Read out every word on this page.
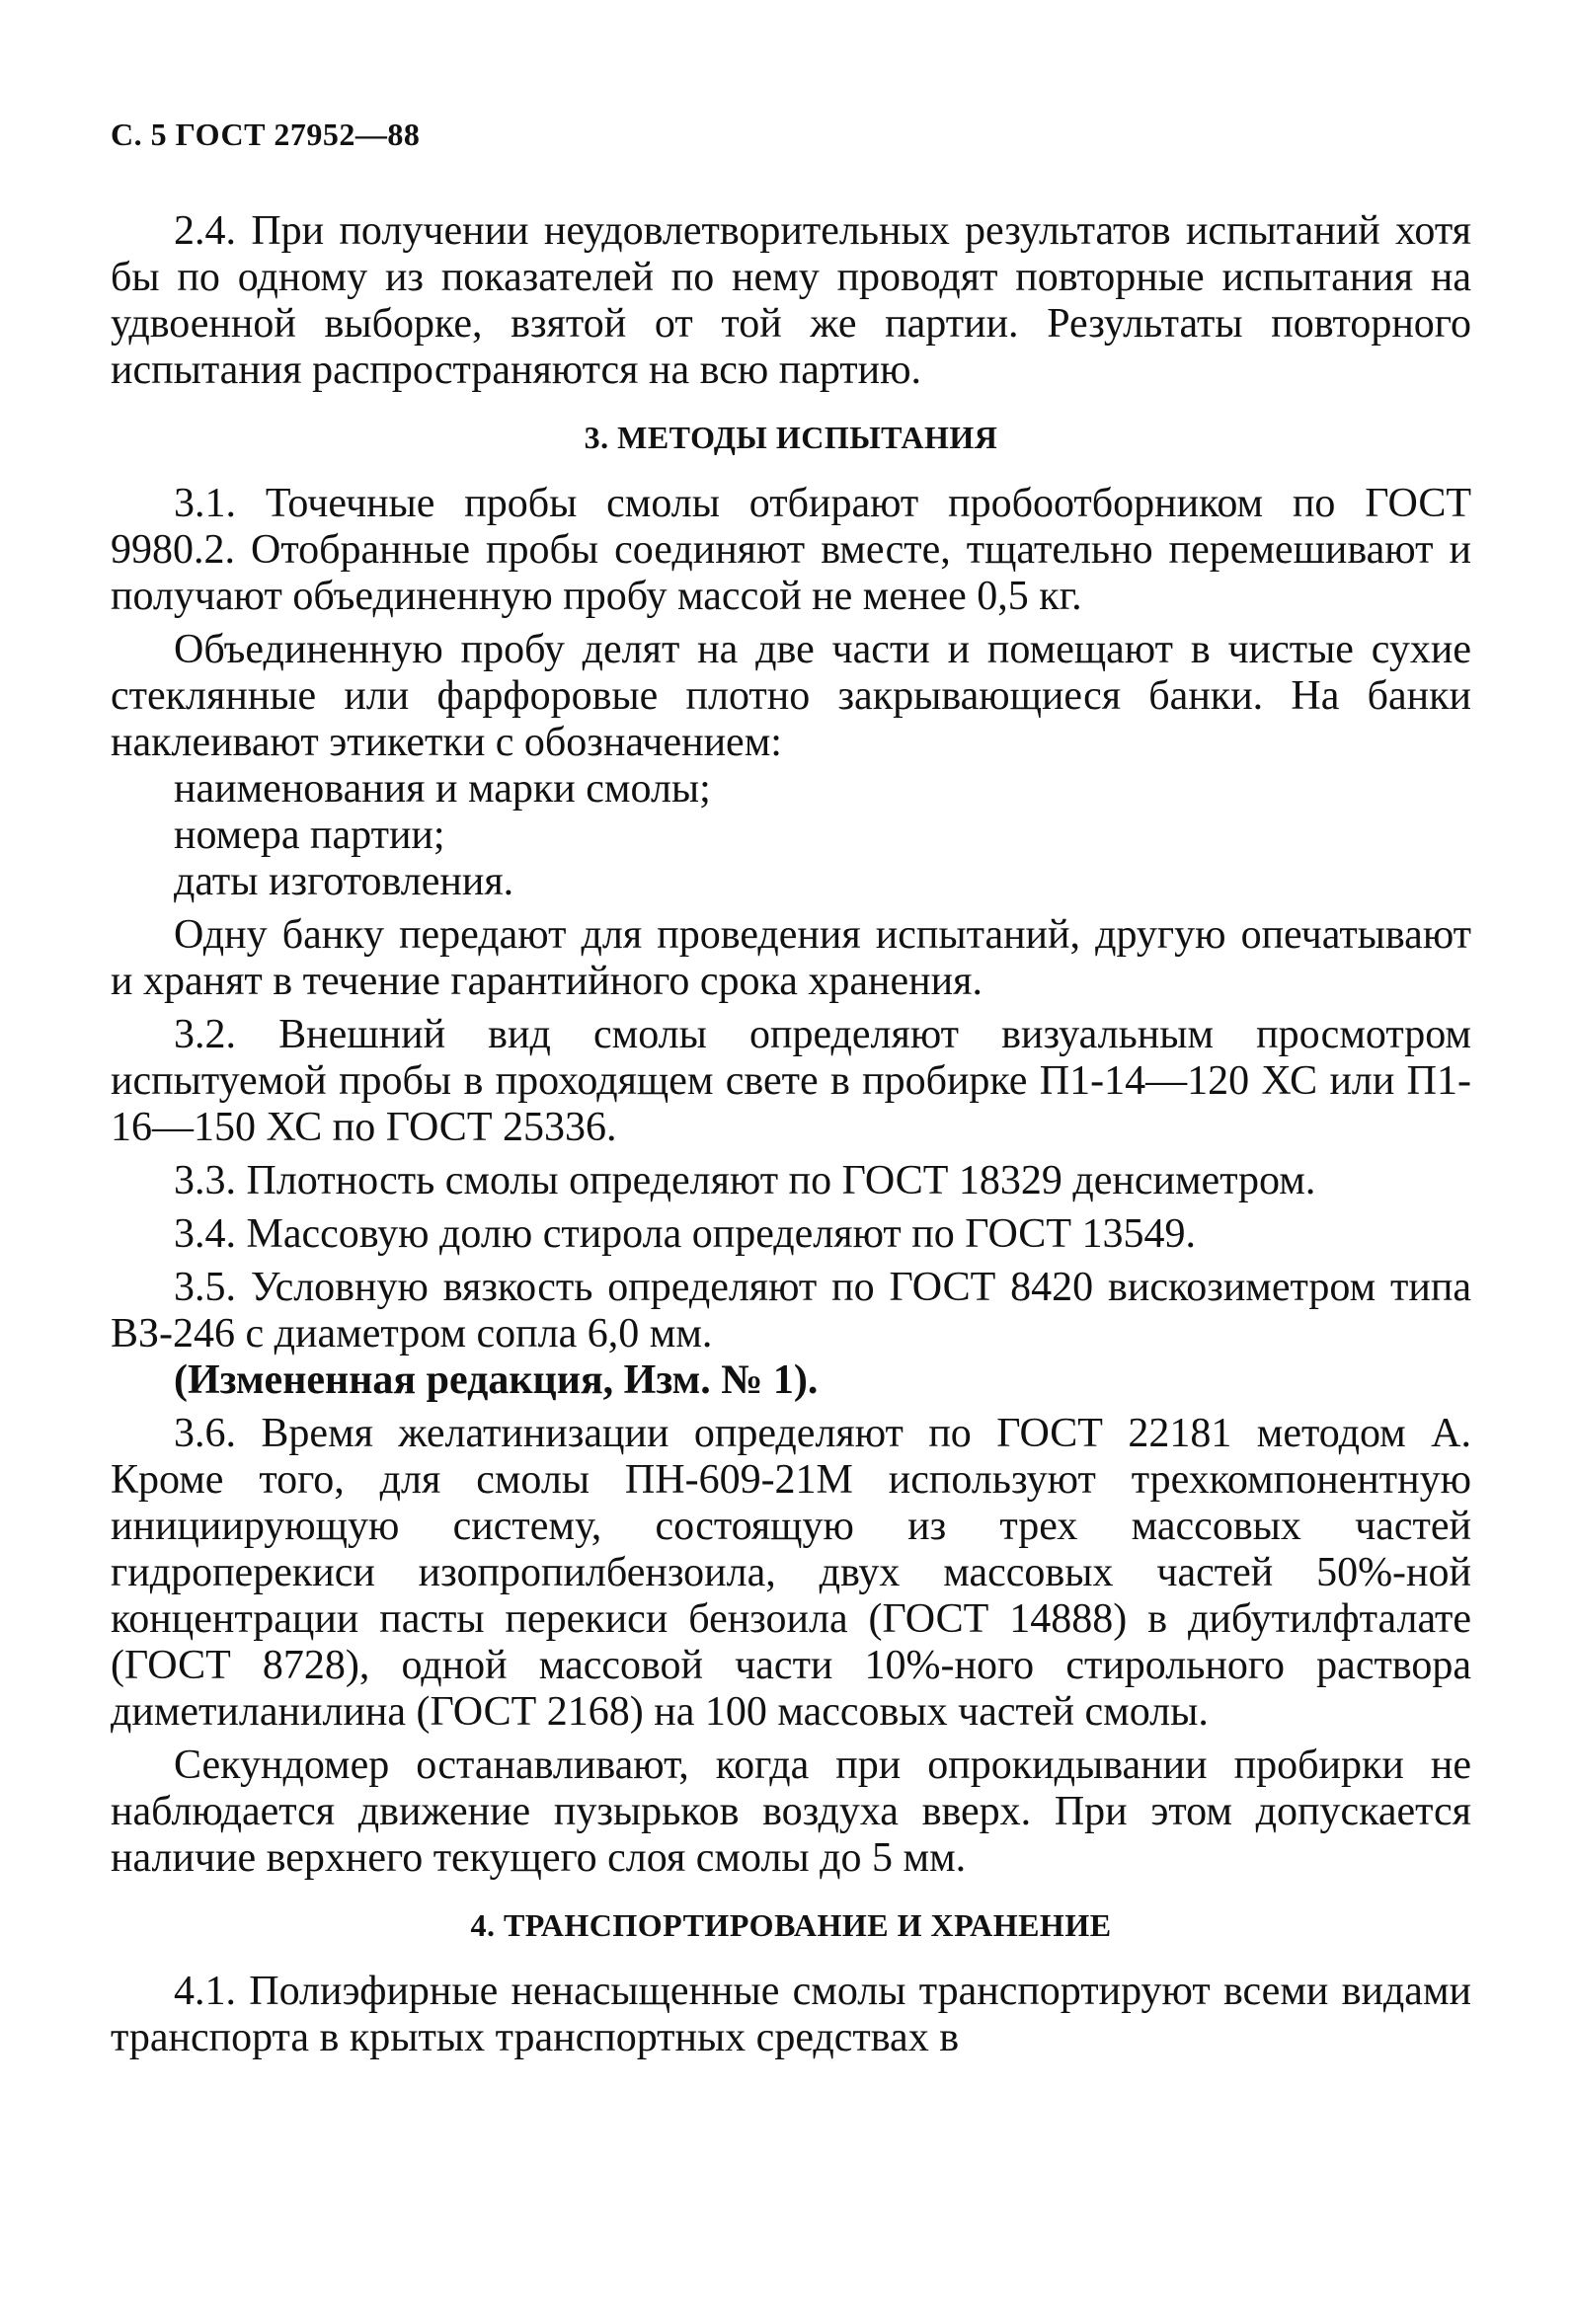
С. 5 ГОСТ 27952—88

2.4. При получении неудовлетворительных результатов испытаний хотя бы по одному из показателей по нему проводят повторные испытания на удвоенной выборке, взятой от той же партии. Результаты повторного испытания распространяются на всю партию.

3. МЕТОДЫ ИСПЫТАНИЯ

3.1. Точечные пробы смолы отбирают пробоотборником по ГОСТ 9980.2. Отобранные пробы соединяют вместе, тщательно перемешивают и получают объединенную пробу массой не менее 0,5 кг.

Объединенную пробу делят на две части и помещают в чистые сухие стеклянные или фарфоровые плотно закрывающиеся банки. На банки наклеивают этикетки с обозначением:

наименования и марки смолы;
номера партии;
даты изготовления.

Одну банку передают для проведения испытаний, другую опечатывают и хранят в течение гарантийного срока хранения.

3.2. Внешний вид смолы определяют визуальным просмотром испытуемой пробы в проходящем свете в пробирке П1-14—120 ХС или П1-16—150 ХС по ГОСТ 25336.

3.3. Плотность смолы определяют по ГОСТ 18329 денсиметром.

3.4. Массовую долю стирола определяют по ГОСТ 13549.

3.5. Условную вязкость определяют по ГОСТ 8420 вискозиметром типа ВЗ-246 с диаметром сопла 6,0 мм.

(Измененная редакция, Изм. № 1).

3.6. Время желатинизации определяют по ГОСТ 22181 методом А. Кроме того, для смолы ПН-609-21М используют трехкомпонентную инициирующую систему, состоящую из трех массовых частей гидроперекиси изопропилбензоила, двух массовых частей 50%-ной концентрации пасты перекиси бензоила (ГОСТ 14888) в дибутилфталате (ГОСТ 8728), одной массовой части 10%-ного стирольного раствора диметиланилина (ГОСТ 2168) на 100 массовых частей смолы.

Секундомер останавливают, когда при опрокидывании пробирки не наблюдается движение пузырьков воздуха вверх. При этом допускается наличие верхнего текущего слоя смолы до 5 мм.

4. ТРАНСПОРТИРОВАНИЕ И ХРАНЕНИЕ

4.1. Полиэфирные ненасыщенные смолы транспортируют всеми видами транспорта в крытых транспортных средствах в
